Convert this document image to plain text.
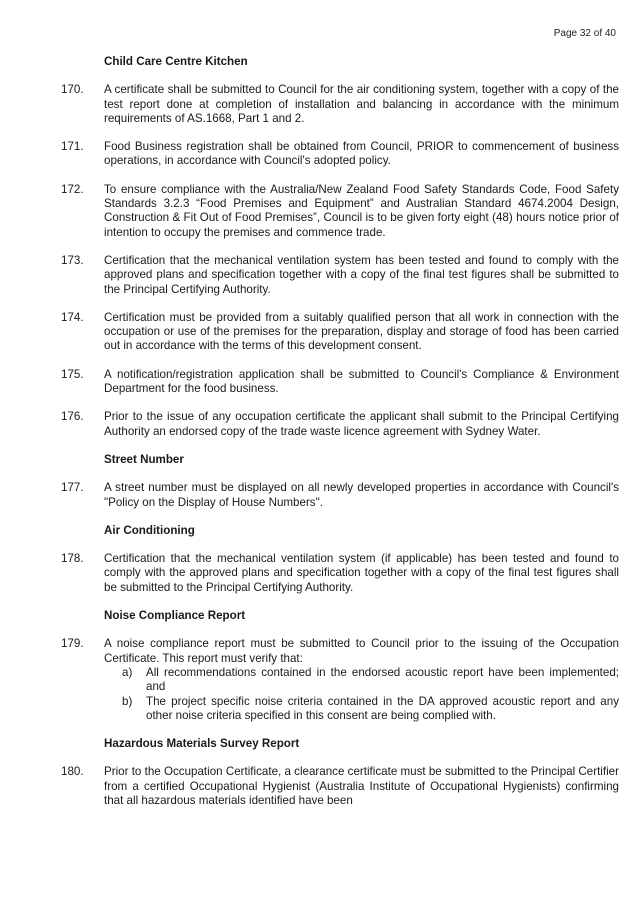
Page 32 of 40
Child Care Centre Kitchen
170.	A certificate shall be submitted to Council for the air conditioning system, together with a copy of the test report done at completion of installation and balancing in accordance with the minimum requirements of AS.1668, Part 1 and 2.
171.	Food Business registration shall be obtained from Council, PRIOR to commencement of business operations, in accordance with Council's adopted policy.
172.	To ensure compliance with the Australia/New Zealand Food Safety Standards Code, Food Safety Standards 3.2.3 “Food Premises and Equipment” and Australian Standard 4674.2004 Design, Construction & Fit Out of Food Premises”, Council is to be given forty eight (48) hours notice prior of intention to occupy the premises and commence trade.
173.	Certification that the mechanical ventilation system has been tested and found to comply with the approved plans and specification together with a copy of the final test figures shall be submitted to the Principal Certifying Authority.
174.	Certification must be provided from a suitably qualified person that all work in connection with the occupation or use of the premises for the preparation, display and storage of food has been carried out in accordance with the terms of this development consent.
175.	A notification/registration application shall be submitted to Council's Compliance & Environment Department for the food business.
176.	Prior to the issue of any occupation certificate the applicant shall submit to the Principal Certifying Authority an endorsed copy of the trade waste licence agreement with Sydney Water.
Street Number
177.	A street number must be displayed on all newly developed properties in accordance with Council's "Policy on the Display of House Numbers".
Air Conditioning
178.	Certification that the mechanical ventilation system (if applicable) has been tested and found to comply with the approved plans and specification together with a copy of the final test figures shall be submitted to the Principal Certifying Authority.
Noise Compliance Report
179.	A noise compliance report must be submitted to Council prior to the issuing of the Occupation Certificate. This report must verify that:
a)	All recommendations contained in the endorsed acoustic report have been implemented; and
b)	The project specific noise criteria contained in the DA approved acoustic report and any other noise criteria specified in this consent are being complied with.
Hazardous Materials Survey Report
180.	Prior to the Occupation Certificate, a clearance certificate must be submitted to the Principal Certifier from a certified Occupational Hygienist (Australia Institute of Occupational Hygienists) confirming that all hazardous materials identified have been
